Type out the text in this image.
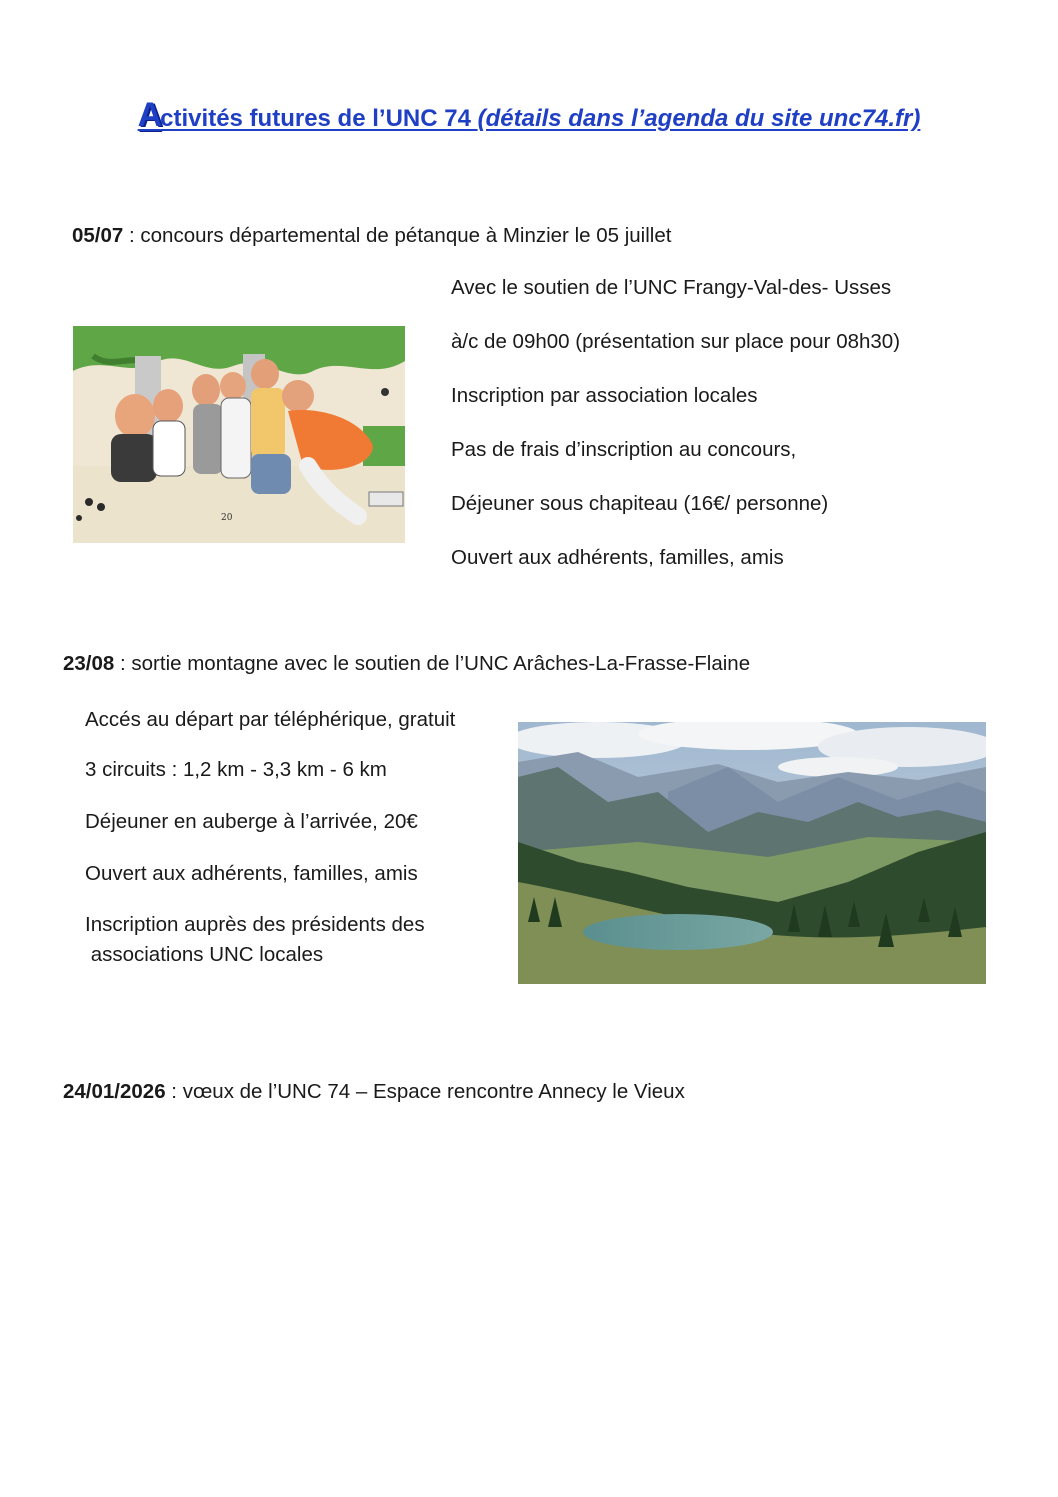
Activités futures de l’UNC 74 (détails dans l’agenda du site unc74.fr)
05/07 : concours départemental de pétanque à Minzier le 05 juillet
Avec le soutien de l’UNC Frangy-Val-des- Usses
à/c de 09h00 (présentation sur place pour 08h30)
Inscription par association locales
Pas de frais d’inscription au concours,
Déjeuner sous chapiteau (16€/ personne)
Ouvert aux adhérents, familles, amis
20
23/08 : sortie montagne avec le soutien de l’UNC Arâches-La-Frasse-Flaine
Accés au départ par téléphérique, gratuit
3 circuits : 1,2 km - 3,3 km - 6 km
Déjeuner en auberge à l’arrivée, 20€
Ouvert aux adhérents, familles, amis
Inscription auprès des présidents des
associations UNC locales
24/01/2026 : vœux de l’UNC 74 – Espace rencontre Annecy le Vieux
